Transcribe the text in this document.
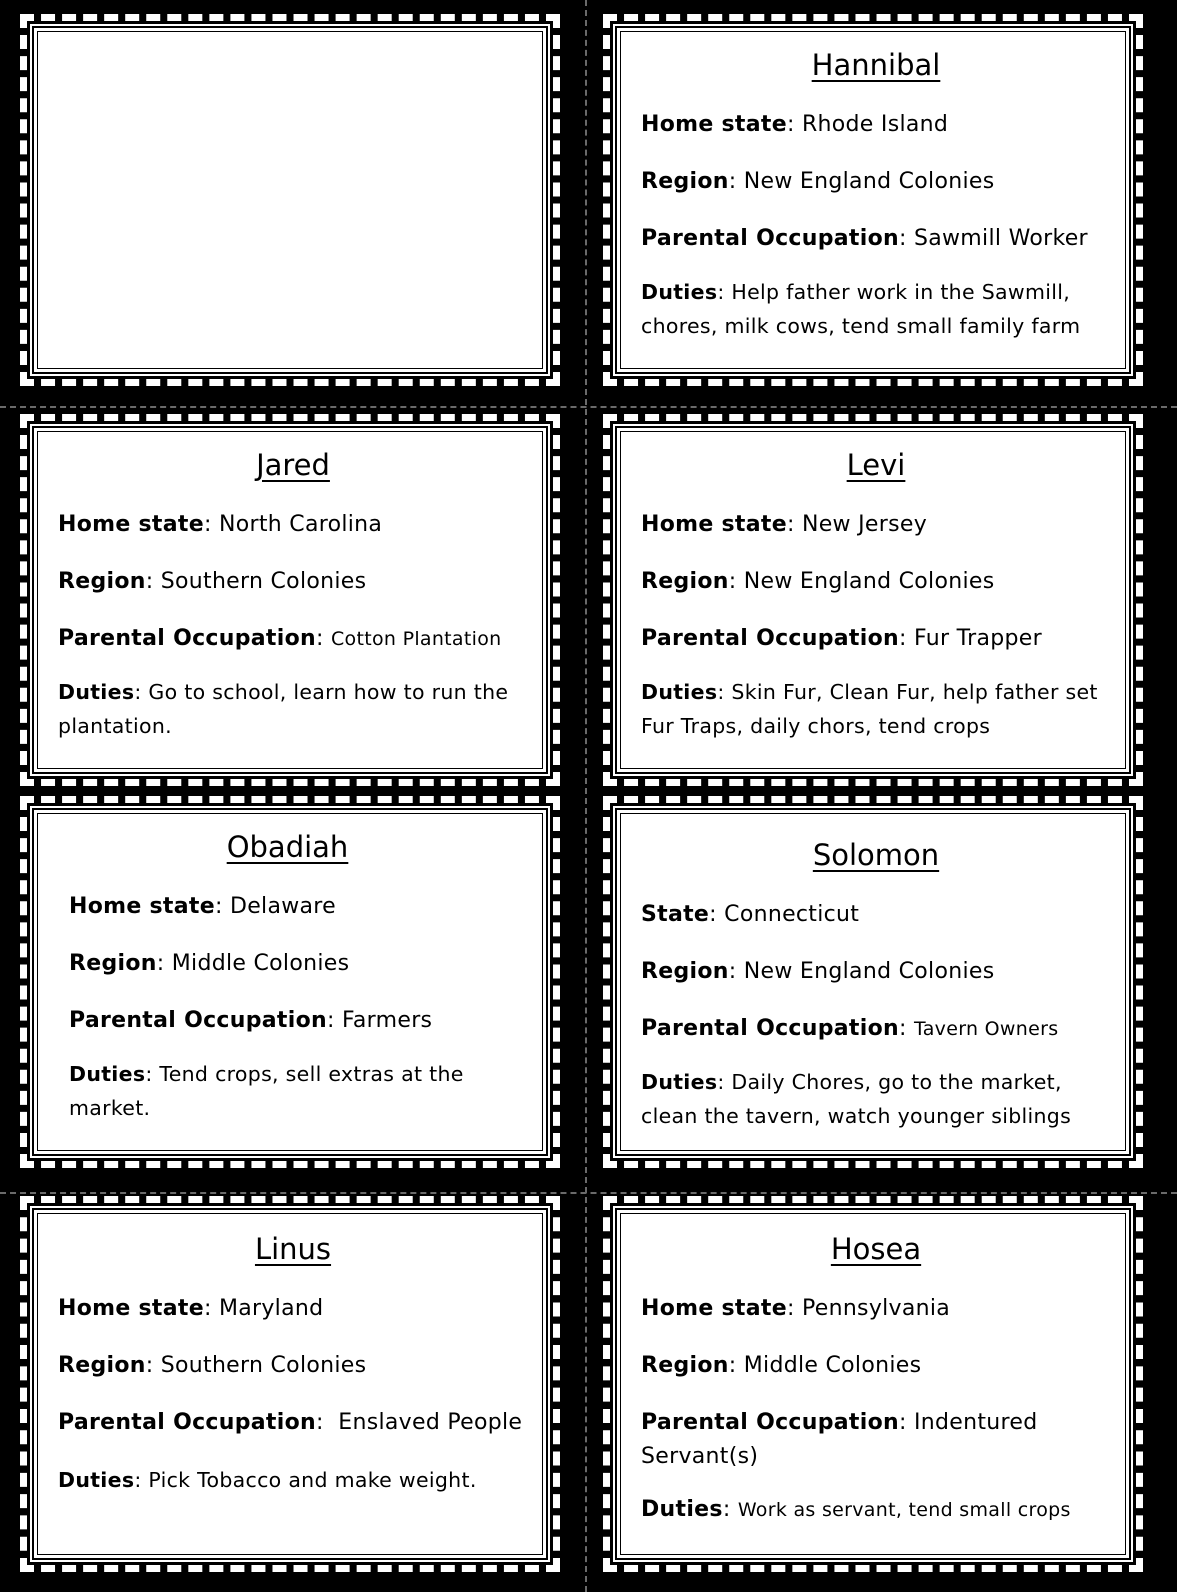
Hannibal
Home state: Rhode Island
Region: New England Colonies
Parental Occupation: Sawmill Worker
Duties: Help father work in the Sawmill, chores, milk cows, tend small family farm
Jared
Home state: North Carolina
Region: Southern Colonies
Parental Occupation: Cotton Plantation
Duties: Go to school, learn how to run the plantation.
Levi
Home state: New Jersey
Region: New England Colonies
Parental Occupation: Fur Trapper
Duties: Skin Fur, Clean Fur, help father set Fur Traps, daily chors, tend crops
Obadiah
Home state: Delaware
Region: Middle Colonies
Parental Occupation: Farmers
Duties: Tend crops, sell extras at the market.
Solomon
State: Connecticut
Region: New England Colonies
Parental Occupation: Tavern Owners
Duties: Daily Chores, go to the market, clean the tavern, watch younger siblings
Linus
Home state: Maryland
Region: Southern Colonies
Parental Occupation:  Enslaved People
Duties: Pick Tobacco and make weight.
Hosea
Home state: Pennsylvania
Region: Middle Colonies
Parental Occupation: Indentured Servant(s)
Duties: Work as servant, tend small crops
